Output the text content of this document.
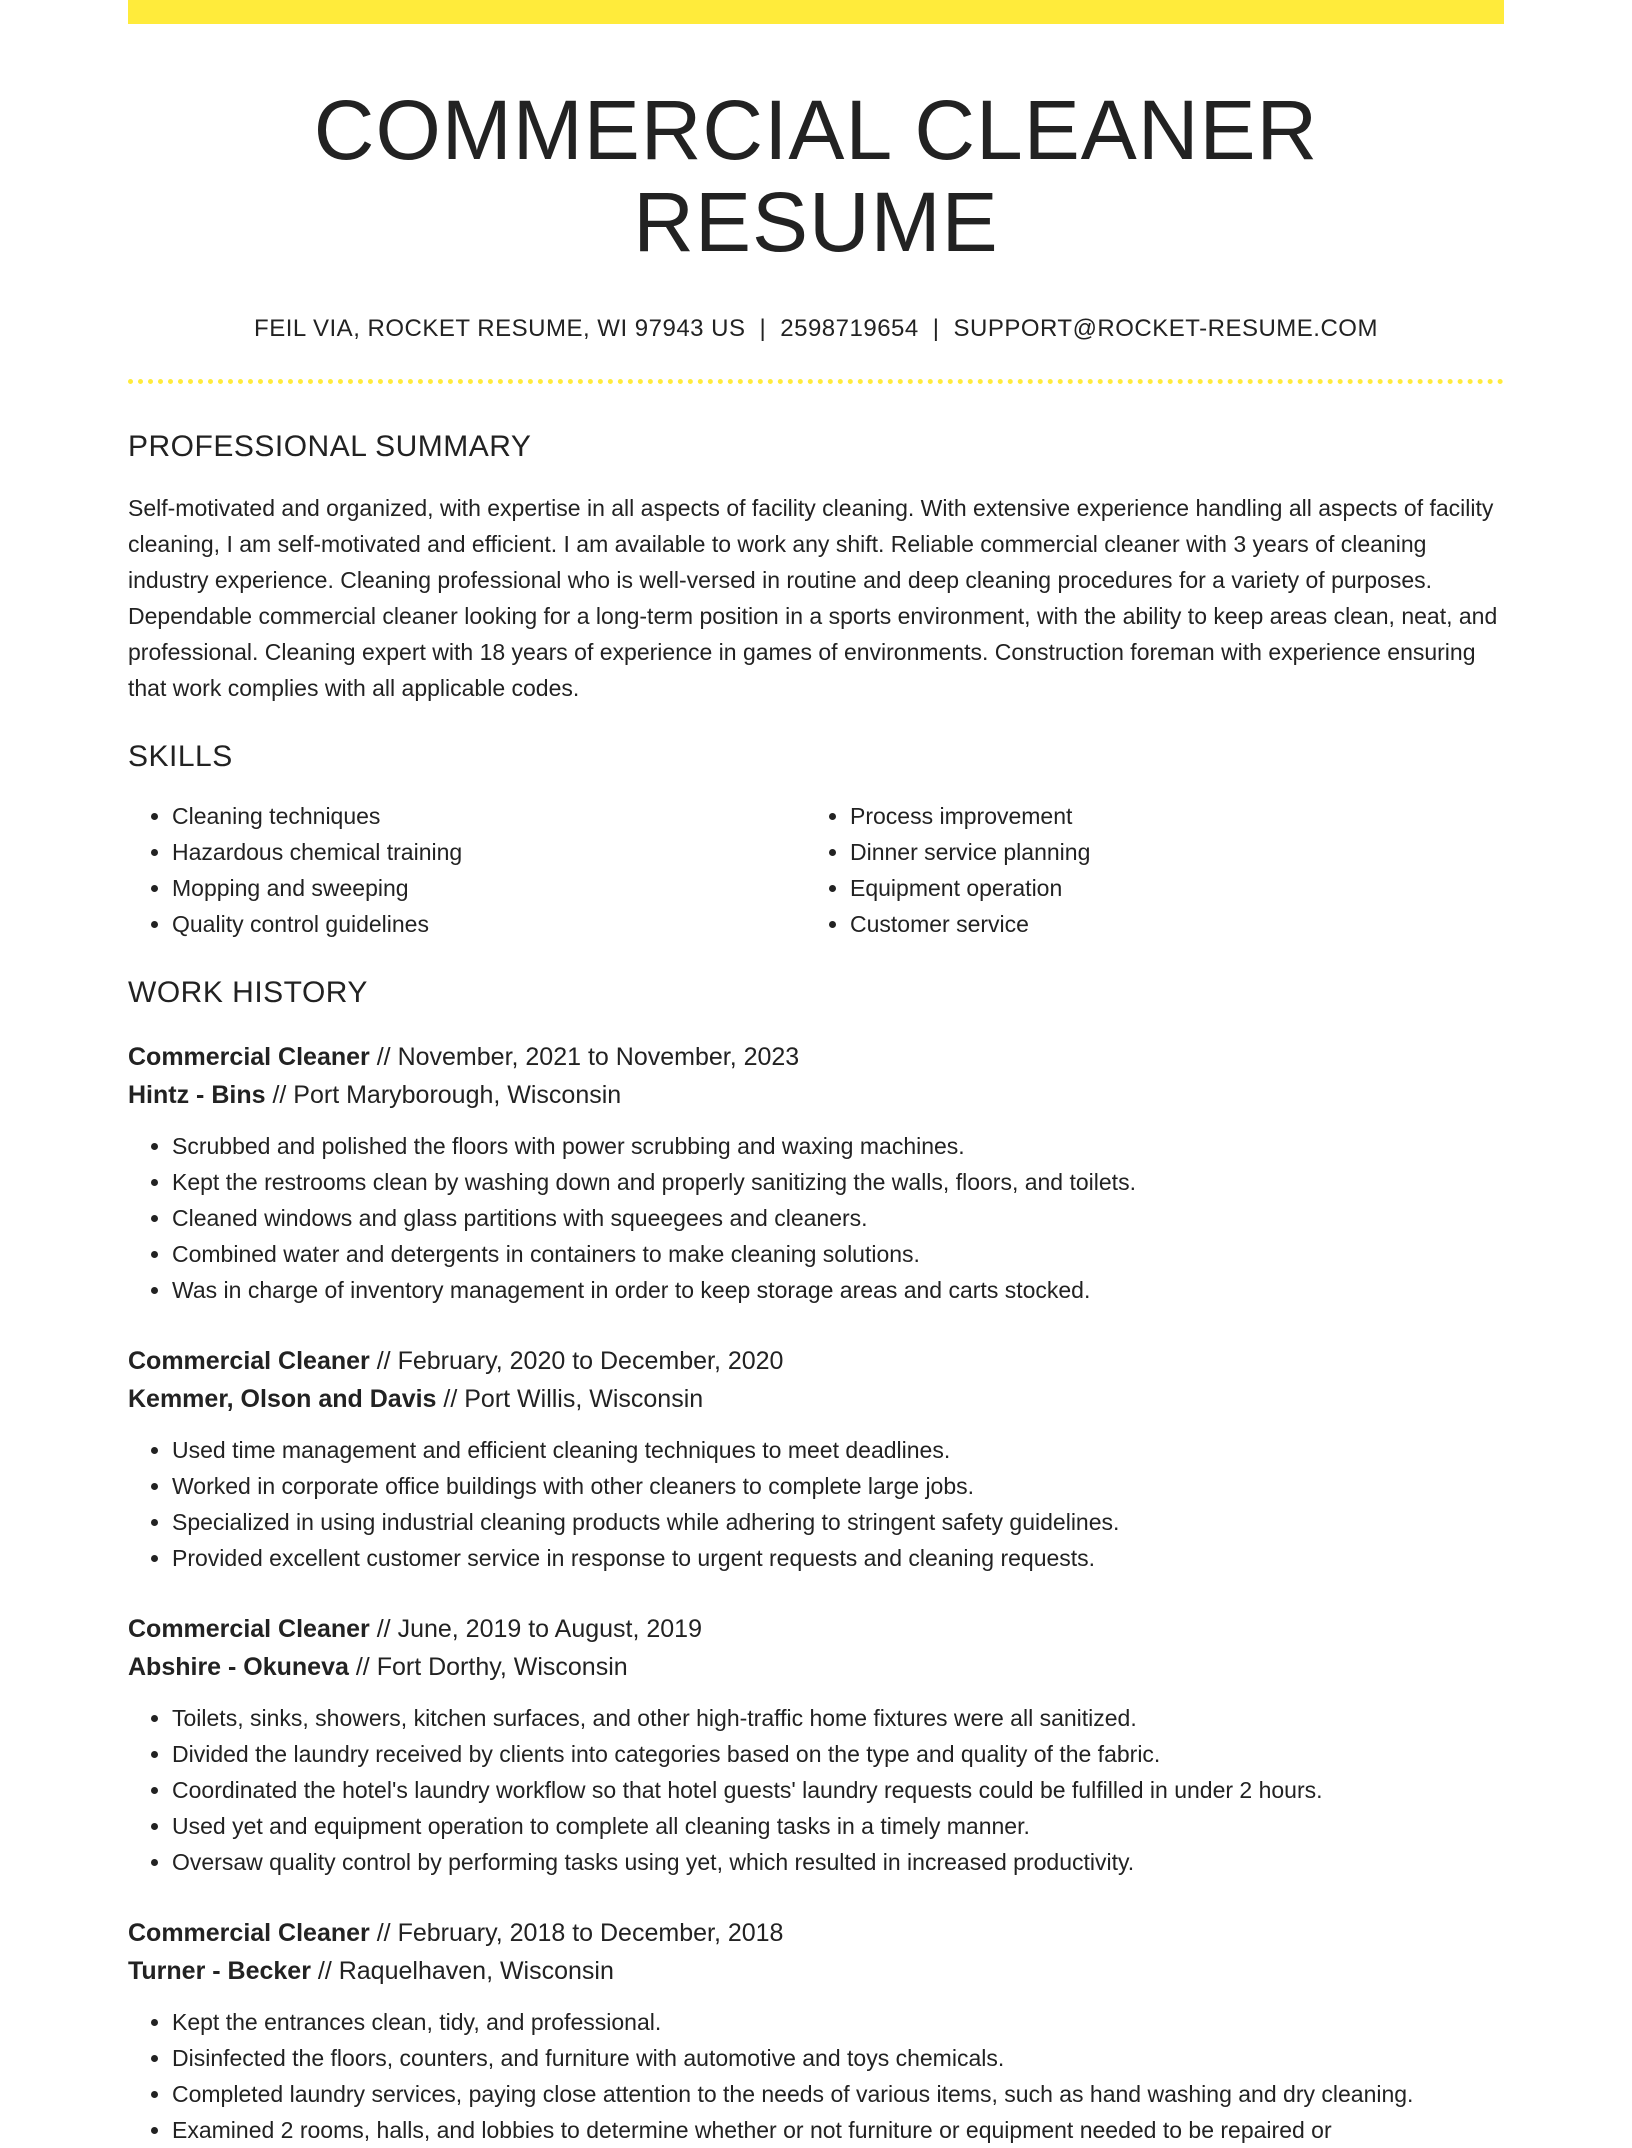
COMMERCIAL CLEANER RESUME
FEIL VIA, ROCKET RESUME, WI 97943 US | 2598719654 | SUPPORT@ROCKET-RESUME.COM
PROFESSIONAL SUMMARY

Self-motivated and organized, with expertise in all aspects of facility cleaning. With extensive experience handling all aspects of facility cleaning, I am self-motivated and efficient. I am available to work any shift. Reliable commercial cleaner with 3 years of cleaning industry experience. Cleaning professional who is well-versed in routine and deep cleaning procedures for a variety of purposes. Dependable commercial cleaner looking for a long-term position in a sports environment, with the ability to keep areas clean, neat, and professional. Cleaning expert with 18 years of experience in games of environments. Construction foreman with experience ensuring that work complies with all applicable codes.

SKILLS
• Cleaning techniques
• Hazardous chemical training
• Mopping and sweeping
• Quality control guidelines
• Process improvement
• Dinner service planning
• Equipment operation
• Customer service
WORK HISTORY
Commercial Cleaner // November, 2021 to November, 2023
Hintz - Bins // Port Maryborough, Wisconsin
• Scrubbed and polished the floors with power scrubbing and waxing machines.
• Kept the restrooms clean by washing down and properly sanitizing the walls, floors, and toilets.
• Cleaned windows and glass partitions with squeegees and cleaners.
• Combined water and detergents in containers to make cleaning solutions.
• Was in charge of inventory management in order to keep storage areas and carts stocked.
Commercial Cleaner // February, 2020 to December, 2020
Kemmer, Olson and Davis // Port Willis, Wisconsin
• Used time management and efficient cleaning techniques to meet deadlines.
• Worked in corporate office buildings with other cleaners to complete large jobs.
• Specialized in using industrial cleaning products while adhering to stringent safety guidelines.
• Provided excellent customer service in response to urgent requests and cleaning requests.
Commercial Cleaner // June, 2019 to August, 2019
Abshire - Okuneva // Fort Dorthy, Wisconsin
• Toilets, sinks, showers, kitchen surfaces, and other high-traffic home fixtures were all sanitized.
• Divided the laundry received by clients into categories based on the type and quality of the fabric.
• Coordinated the hotel's laundry workflow so that hotel guests' laundry requests could be fulfilled in under 2 hours.
• Used yet and equipment operation to complete all cleaning tasks in a timely manner.
• Oversaw quality control by performing tasks using yet, which resulted in increased productivity.
Commercial Cleaner // February, 2018 to December, 2018
Turner - Becker // Raquelhaven, Wisconsin
• Kept the entrances clean, tidy, and professional.
• Disinfected the floors, counters, and furniture with automotive and toys chemicals.
• Completed laundry services, paying close attention to the needs of various items, such as hand washing and dry cleaning.
• Examined 2 rooms, halls, and lobbies to determine whether or not furniture or equipment needed to be repaired or
